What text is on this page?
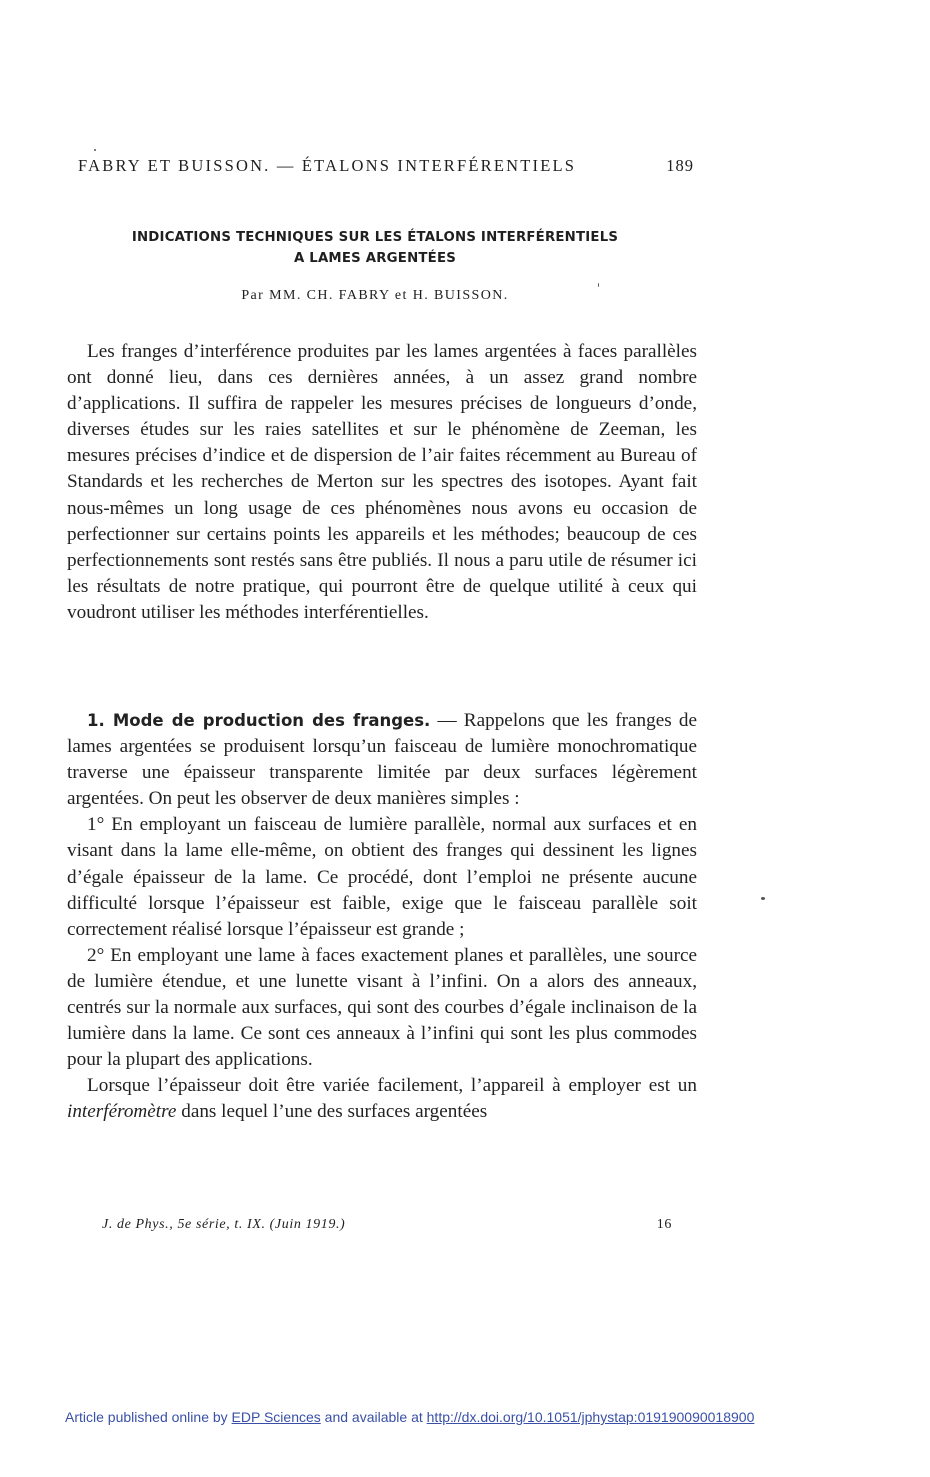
FABRY ET BUISSON. — ÉTALONS INTERFÉRENTIELS	189
INDICATIONS TECHNIQUES SUR LES ÉTALONS INTERFÉRENTIELS
A LAMES ARGENTÉES
Par MM. CH. FABRY et H. BUISSON.

Les franges d’interférence produites par les lames argentées à faces parallèles ont donné lieu, dans ces dernières années, à un assez grand nombre d’applications. Il suffira de rappeler les mesures précises de longueurs d’onde, diverses études sur les raies satellites et sur le phénomène de Zeeman, les mesures précises d’indice et de dispersion de l’air faites récemment au Bureau of Standards et les recherches de Merton sur les spectres des isotopes. Ayant fait nous-mêmes un long usage de ces phénomènes nous avons eu occasion de perfectionner sur certains points les appareils et les méthodes; beaucoup de ces perfectionnements sont restés sans être publiés. Il nous a paru utile de résumer ici les résultats de notre pratique, qui pourront être de quelque utilité à ceux qui voudront utiliser les méthodes interférentielles.

1. Mode de production des franges. — Rappelons que les franges de lames argentées se produisent lorsqu’un faisceau de lumière monochromatique traverse une épaisseur transparente limitée par deux surfaces légèrement argentées. On peut les observer de deux manières simples :

1° En employant un faisceau de lumière parallèle, normal aux surfaces et en visant dans la lame elle-même, on obtient des franges qui dessinent les lignes d’égale épaisseur de la lame. Ce procédé, dont l’emploi ne présente aucune difficulté lorsque l’épaisseur est faible, exige que le faisceau parallèle soit correctement réalisé lorsque l’épaisseur est grande ;

2° En employant une lame à faces exactement planes et parallèles, une source de lumière étendue, et une lunette visant à l’infini. On a alors des anneaux, centrés sur la normale aux surfaces, qui sont des courbes d’égale inclinaison de la lumière dans la lame. Ce sont ces anneaux à l’infini qui sont les plus commodes pour la plupart des applications.

Lorsque l’épaisseur doit être variée facilement, l’appareil à employer est un interféromètre dans lequel l’une des surfaces argentées

J. de Phys., 5e série, t. IX. (Juin 1919.)	16
Article published online by EDP Sciences and available at http://dx.doi.org/10.1051/jphystap:019190090018900
